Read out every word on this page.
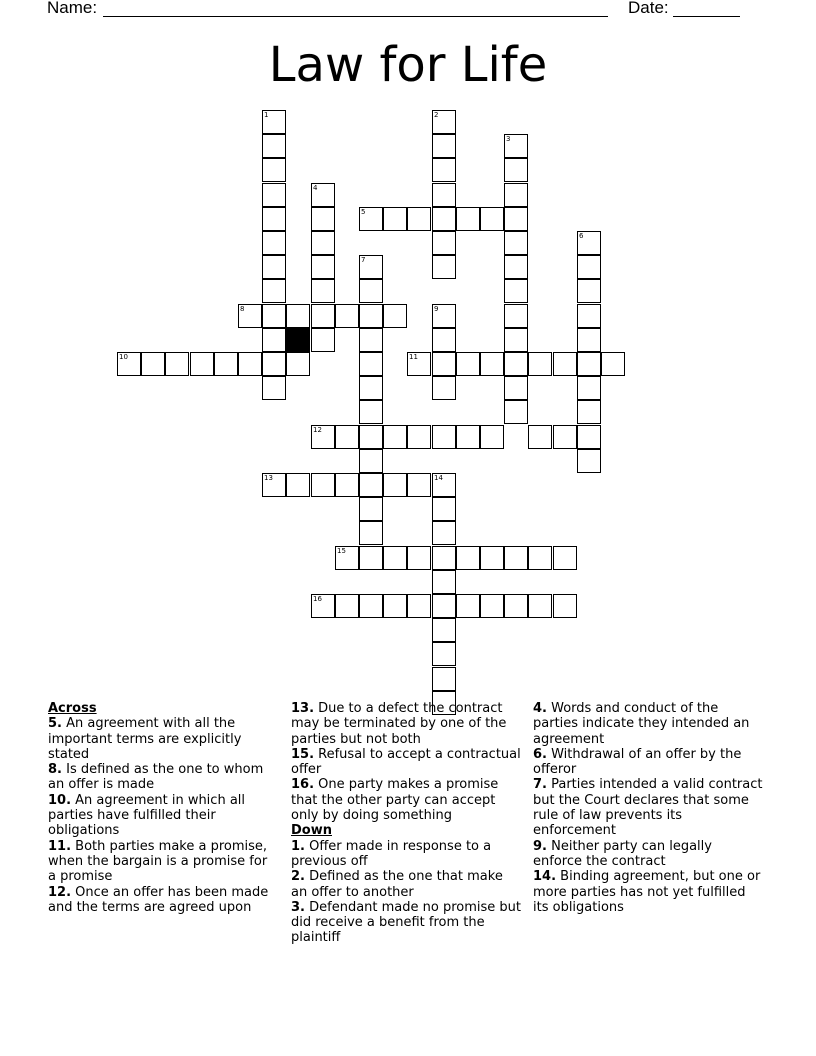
Name:	Date:
Law for Life
1	2
3
4
5
6
7
8	9
10	11
12
13	14
15
16
Across
5. An agreement with all the important terms are explicitly stated
8. Is defined as the one to whom an offer is made
10. An agreement in which all parties have fulfilled their obligations
11. Both parties make a promise, when the bargain is a promise for a promise
12. Once an offer has been made and the terms are agreed upon
13. Due to a defect the contract may be terminated by one of the parties but not both
15. Refusal to accept a contractual offer
16. One party makes a promise that the other party can accept only by doing something
Down
1. Offer made in response to a previous off
2. Defined as the one that make an offer to another
3. Defendant made no promise but did receive a benefit from the plaintiff
4. Words and conduct of the parties indicate they intended an agreement
6. Withdrawal of an offer by the offeror
7. Parties intended a valid contract but the Court declares that some rule of law prevents its enforcement
9. Neither party can legally enforce the contract
14. Binding agreement, but one or more parties has not yet fulfilled its obligations
